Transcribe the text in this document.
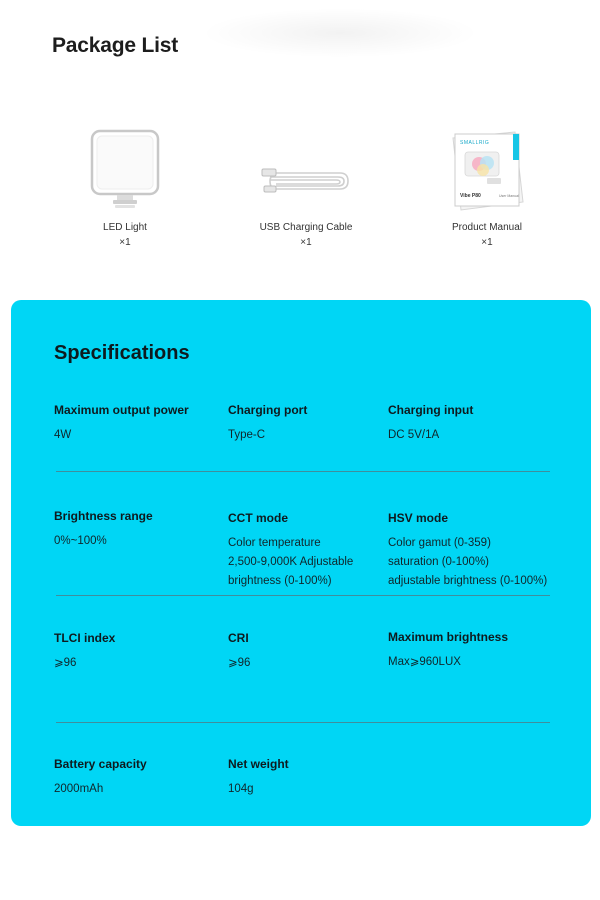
Package List
LED Light
×1
USB Charging Cable
×1
SMALLRIG
Vibe P80	User Manual
Product Manual
×1
Specifications
Maximum output power
4W
Charging port
Type-C
Charging input
DC 5V/1A
Brightness range
0%~100%
CCT mode
Color temperature
2,500-9,000K Adjustable
brightness (0-100%)
HSV mode
Color gamut (0-359)
saturation (0-100%)
adjustable brightness (0-100%)
TLCI index
⩾96
CRI
⩾96
Maximum brightness
Max⩾960LUX
Battery capacity
2000mAh
Net weight
104g
